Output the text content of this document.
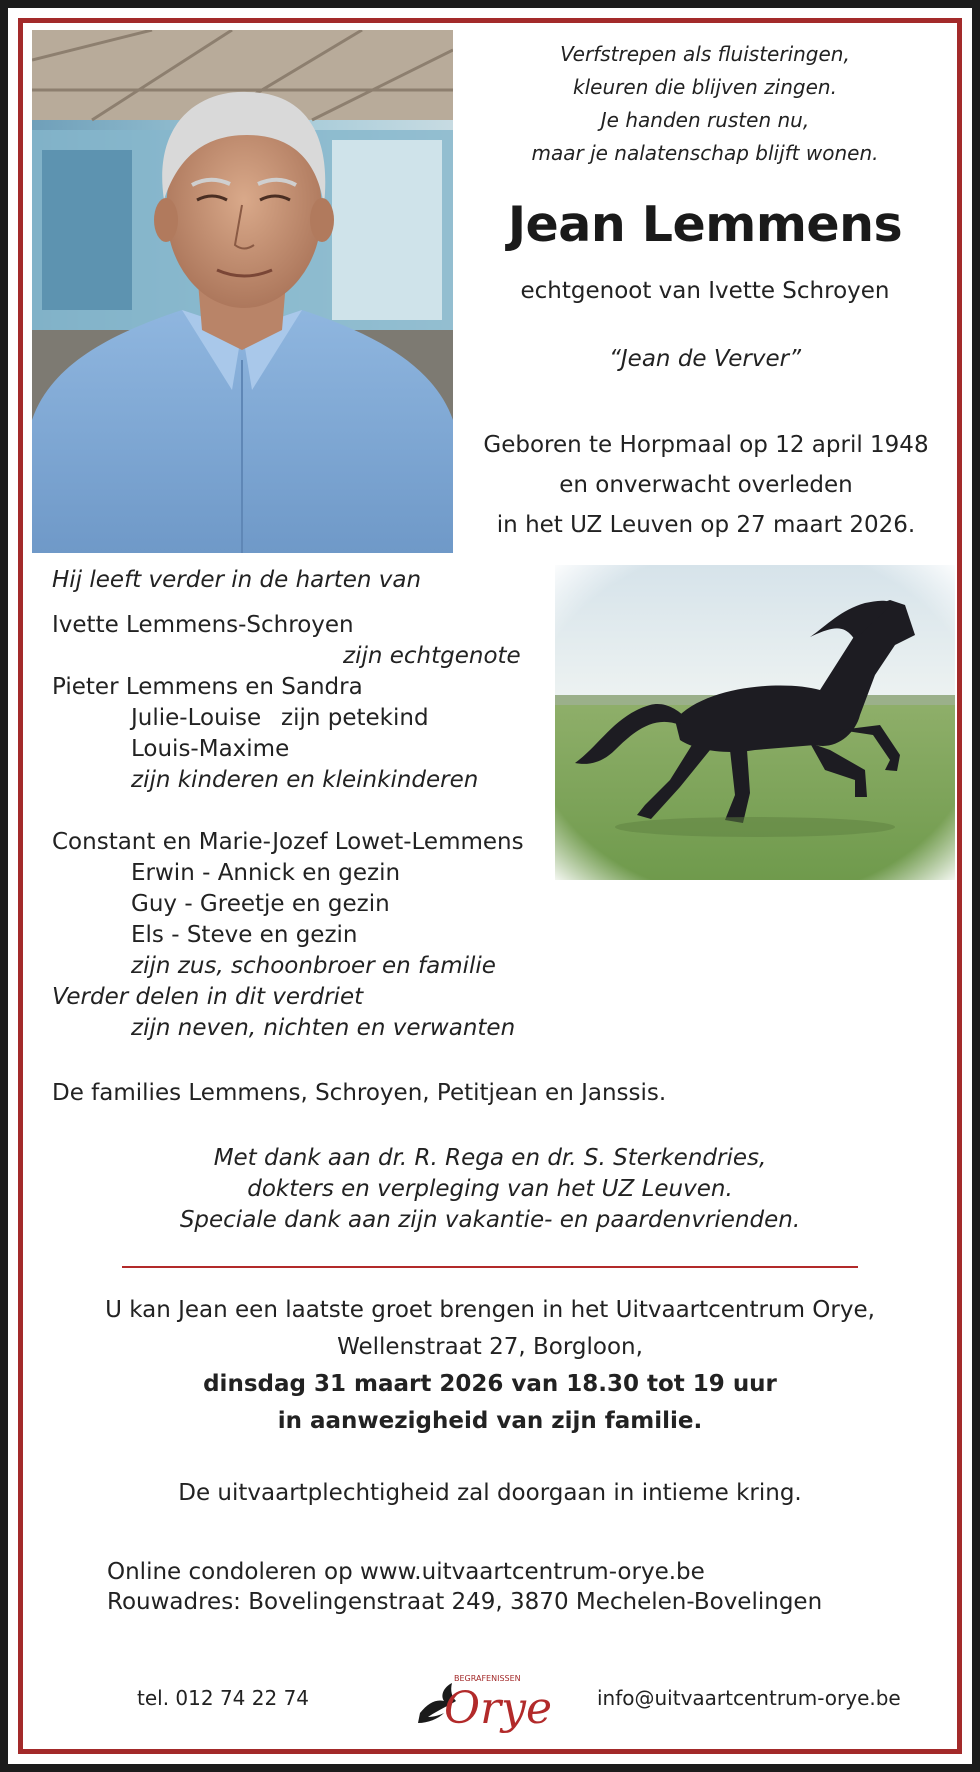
Verfstrepen als fluisteringen,
kleuren die blijven zingen.
Je handen rusten nu,
maar je nalatenschap blijft wonen.
Jean Lemmens
echtgenoot van Ivette Schroyen
“Jean de Verver”
Geboren te Horpmaal op 12 april 1948
en onverwacht overleden
in het UZ Leuven op 27 maart 2026.
Hij leeft verder in de harten van
Ivette Lemmens-Schroyen
zijn echtgenote
Pieter Lemmens en Sandra
Julie-Louise zijn petekind
Louis-Maxime
zijn kinderen en kleinkinderen
Constant en Marie-Jozef Lowet-Lemmens
Erwin - Annick en gezin
Guy - Greetje en gezin
Els - Steve en gezin
zijn zus, schoonbroer en familie
Verder delen in dit verdriet
zijn neven, nichten en verwanten
De families Lemmens, Schroyen, Petitjean en Janssis.
Met dank aan dr. R. Rega en dr. S. Sterkendries,
dokters en verpleging van het UZ Leuven.
Speciale dank aan zijn vakantie- en paardenvrienden.
U kan Jean een laatste groet brengen in het Uitvaartcentrum Orye,
Wellenstraat 27, Borgloon,
dinsdag 31 maart 2026 van 18.30 tot 19 uur
in aanwezigheid van zijn familie.
De uitvaartplechtigheid zal doorgaan in intieme kring.
Online condoleren op www.uitvaartcentrum-orye.be
Rouwadres: Bovelingenstraat 249, 3870 Mechelen-Bovelingen
tel. 012 74 22 74
BEGRAFENISSEN
Orye info@uitvaartcentrum-orye.be
